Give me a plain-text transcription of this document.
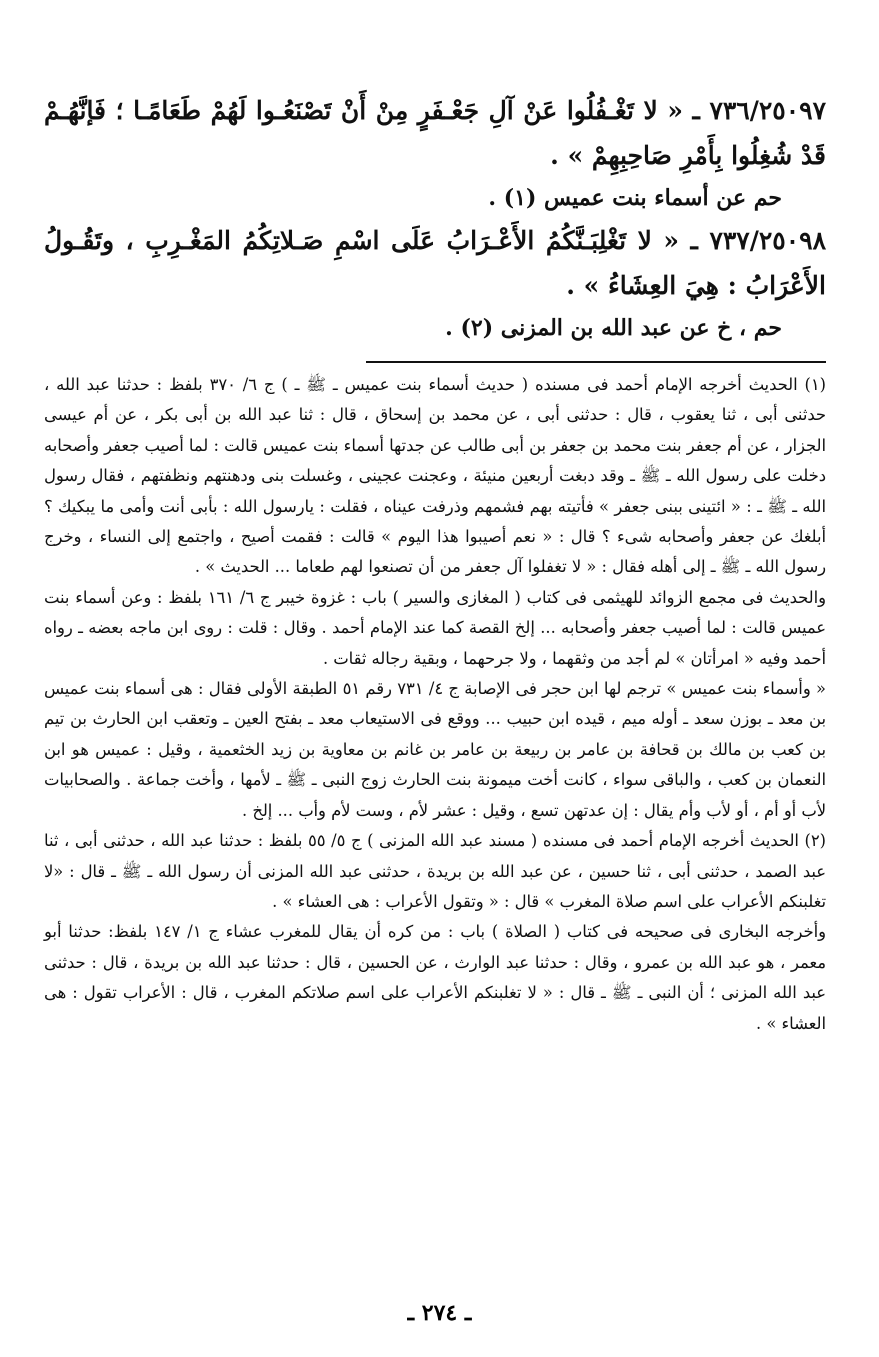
٧٣٦/٢٥٠٩٧ ـ « لا تَغْـفُلُوا عَنْ آلِ جَعْـفَرٍ مِنْ أَنْ تَصْنَعُـوا لَهُمْ طَعَامًـا ؛ فَإنَّهُـمْ قَدْ شُغِلُوا بِأَمْرِ صَاحِبِهِمْ » .

حم عن أسماء بنت عميس (١) .

٧٣٧/٢٥٠٩٨ ـ « لا تَغْلِبَـنَّكُمُ الأَعْـرَابُ عَلَى اسْمِ صَـلاتِكُمُ المَغْـرِبِ ، وتَقُـولُ الأَعْرَابُ : هِيَ العِشَاءُ » .

حم ، خ عن عبد الله بن المزنى (٢) .

(١) الحديث أخرجه الإمام أحمد فى مسنده ( حديث أسماء بنت عميس ـ ﷺ ـ ) ج ٦/ ٣٧٠ بلفظ : حدثنا عبد الله ، حدثنى أبى ، ثنا يعقوب ، قال : حدثنى أبى ، عن محمد بن إسحاق ، قال : ثنا عبد الله بن أبى بكر ، عن أم عيسى الجزار ، عن أم جعفر بنت محمد بن جعفر بن أبى طالب عن جدتها أسماء بنت عميس قالت : لما أصيب جعفر وأصحابه دخلت على رسول الله ـ ﷺ ـ وقد دبغت أربعين منيئة ، وعجنت عجينى ، وغسلت بنى ودهنتهم ونظفتهم ، فقال رسول الله ـ ﷺ ـ : « ائتينى ببنى جعفر » فأتيته بهم فشمهم وذرفت عيناه ، فقلت : يارسول الله : بأبى أنت وأمى ما يبكيك ؟ أبلغك عن جعفر وأصحابه شىء ؟ قال : « نعم أصيبوا هذا اليوم » قالت : فقمت أصيح ، واجتمع إلى النساء ، وخرج رسول الله ـ ﷺ ـ إلى أهله فقال : « لا تغفلوا آل جعفر من أن تصنعوا لهم طعاما ... الحديث » .

والحديث فى مجمع الزوائد للهيثمى فى كتاب ( المغازى والسير ) باب : غزوة خيبر ج ٦/ ١٦١ بلفظ : وعن أسماء بنت عميس قالت : لما أصيب جعفر وأصحابه ... إلخ القصة كما عند الإمام أحمد . وقال : قلت : روى ابن ماجه بعضه ـ رواه أحمد وفيه « امرأتان » لم أجد من وثقهما ، ولا جرحهما ، وبقية رجاله ثقات .

« وأسماء بنت عميس » ترجم لها ابن حجر فى الإصابة ج ٤/ ٧٣١ رقم ٥١ الطبقة الأولى فقال : هى أسماء بنت عميس بن معد ـ بوزن سعد ـ أوله ميم ، قيده ابن حبيب ... ووقع فى الاستيعاب معد ـ بفتح العين ـ وتعقب ابن الحارث بن تيم بن كعب بن مالك بن قحافة بن عامر بن ربيعة بن عامر بن غانم بن معاوية بن زيد الخثعمية ، وقيل : عميس هو ابن النعمان بن كعب ، والباقى سواء ، كانت أخت ميمونة بنت الحارث زوج النبى ـ ﷺ ـ لأمها ، وأخت جماعة . والصحابيات لأب أو أم ، أو لأب وأم يقال : إن عدتهن تسع ، وقيل : عشر لأم ، وست لأم وأب ... إلخ .

(٢) الحديث أخرجه الإمام أحمد فى مسنده ( مسند عبد الله المزنى ) ج ٥/ ٥٥ بلفظ : حدثنا عبد الله ، حدثنى أبى ، ثنا عبد الصمد ، حدثنى أبى ، ثنا حسين ، عن عبد الله بن بريدة ، حدثنى عبد الله المزنى أن رسول الله ـ ﷺ ـ قال : «لا تغلبنكم الأعراب على اسم صلاة المغرب » قال : « وتقول الأعراب : هى العشاء » .

وأخرجه البخارى فى صحيحه فى كتاب ( الصلاة ) باب : من كره أن يقال للمغرب عشاء ج ١/ ١٤٧ بلفظ: حدثنا أبو معمر ، هو عبد الله بن عمرو ، وقال : حدثنا عبد الوارث ، عن الحسين ، قال : حدثنا عبد الله بن بريدة ، قال : حدثنى عبد الله المزنى ؛ أن النبى ـ ﷺ ـ قال : « لا تغلبنكم الأعراب على اسم صلاتكم المغرب ، قال : الأعراب تقول : هى العشاء » .

ـ ٢٧٤ ـ
